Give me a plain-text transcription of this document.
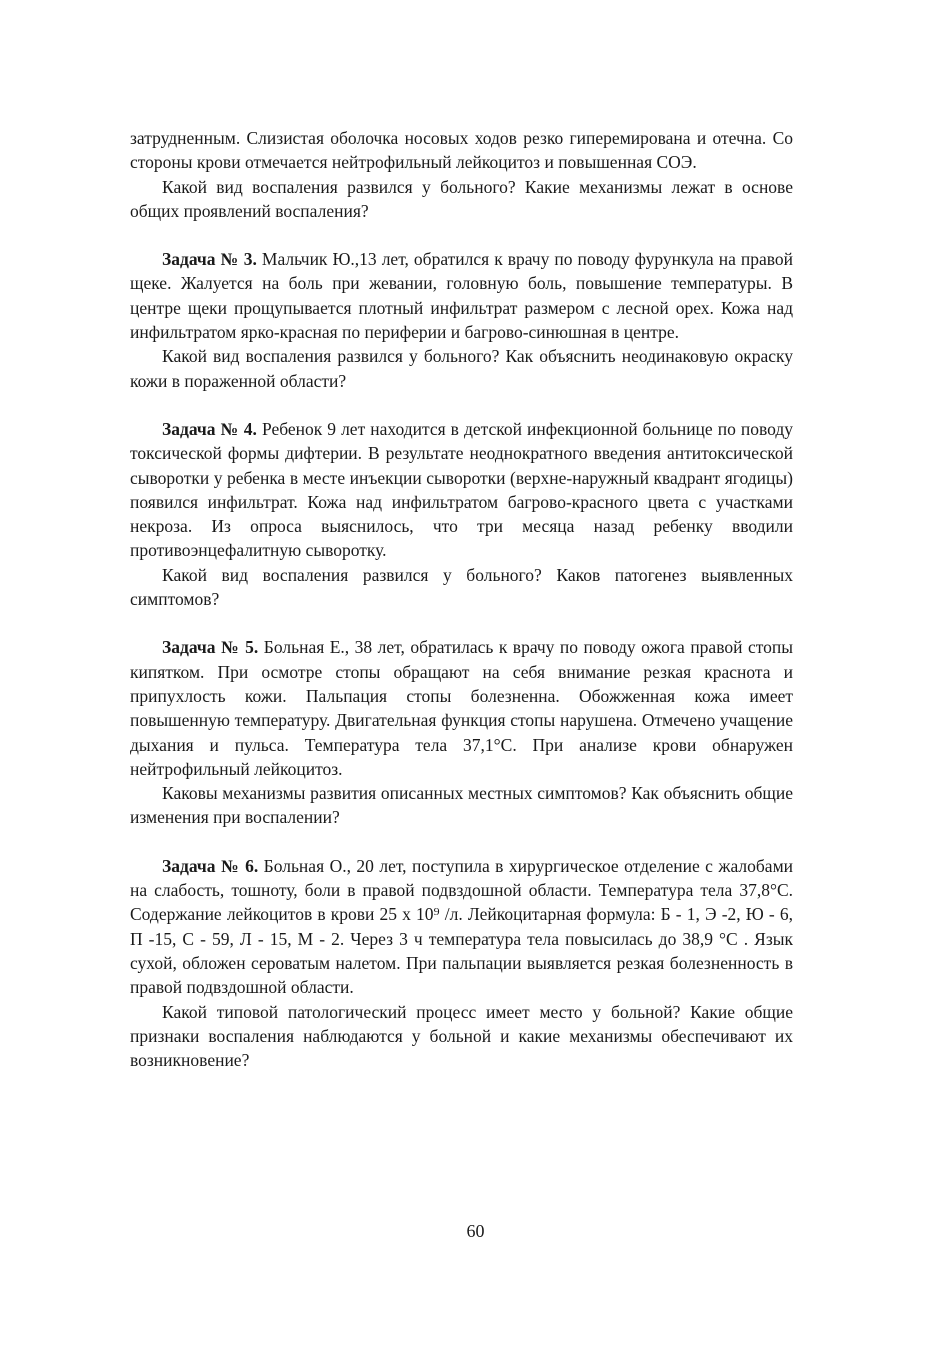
затрудненным. Слизистая оболочка носовых ходов резко гиперемирована и отечна. Со стороны крови отмечается нейтрофильный лейкоцитоз и повышенная СОЭ.

Какой вид воспаления развился у больного? Какие механизмы лежат в основе общих проявлений воспаления?

Задача № 3. Мальчик Ю.,13 лет, обратился к врачу по поводу фурункула на правой щеке. Жалуется на боль при жевании, головную боль, повышение температуры. В центре щеки прощупывается плотный инфильтрат размером с лесной орех. Кожа над инфильтратом ярко-красная по периферии и багрово-синюшная в центре.

Какой вид воспаления развился у больного? Как объяснить неодинаковую окраску кожи в пораженной области?

Задача № 4. Ребенок 9 лет находится в детской инфекционной больнице по поводу токсической формы дифтерии. В результате неоднократного введения антитоксической сыворотки у ребенка в месте инъекции сыворотки (верхне-наружный квадрант ягодицы) появился инфильтрат. Кожа над инфильтратом багрово-красного цвета с участками некроза. Из опроса выяснилось, что три месяца назад ребенку вводили противоэнцефалитную сыворотку.

Какой вид воспаления развился у больного? Каков патогенез выявленных симптомов?

Задача № 5. Больная Е., 38 лет, обратилась к врачу по поводу ожога правой стопы кипятком. При осмотре стопы обращают на себя внимание резкая краснота и припухлость кожи. Пальпация стопы болезненна. Обожженная кожа имеет повышенную температуру. Двигательная функция стопы нарушена. Отмечено учащение дыхания и пульса. Температура тела 37,1°С. При анализе крови обнаружен нейтрофильный лейкоцитоз.

Каковы механизмы развития описанных местных симптомов? Как объяснить общие изменения при воспалении?

Задача № 6. Больная О., 20 лет, поступила в хирургическое отделение с жалобами на слабость, тошноту, боли в правой подвздошной области. Температура тела 37,8°С. Содержание лейкоцитов в крови 25 х 10⁹ /л. Лейкоцитарная формула: Б - 1, Э -2, Ю - 6, П -15, С - 59, Л - 15, М - 2. Через 3 ч температура тела повысилась до 38,9 °С . Язык сухой, обложен сероватым налетом. При пальпации выявляется резкая болезненность в правой подвздошной области.

Какой типовой патологический процесс имеет место у больной? Какие общие признаки воспаления наблюдаются у больной и какие механизмы обеспечивают их возникновение?

60
